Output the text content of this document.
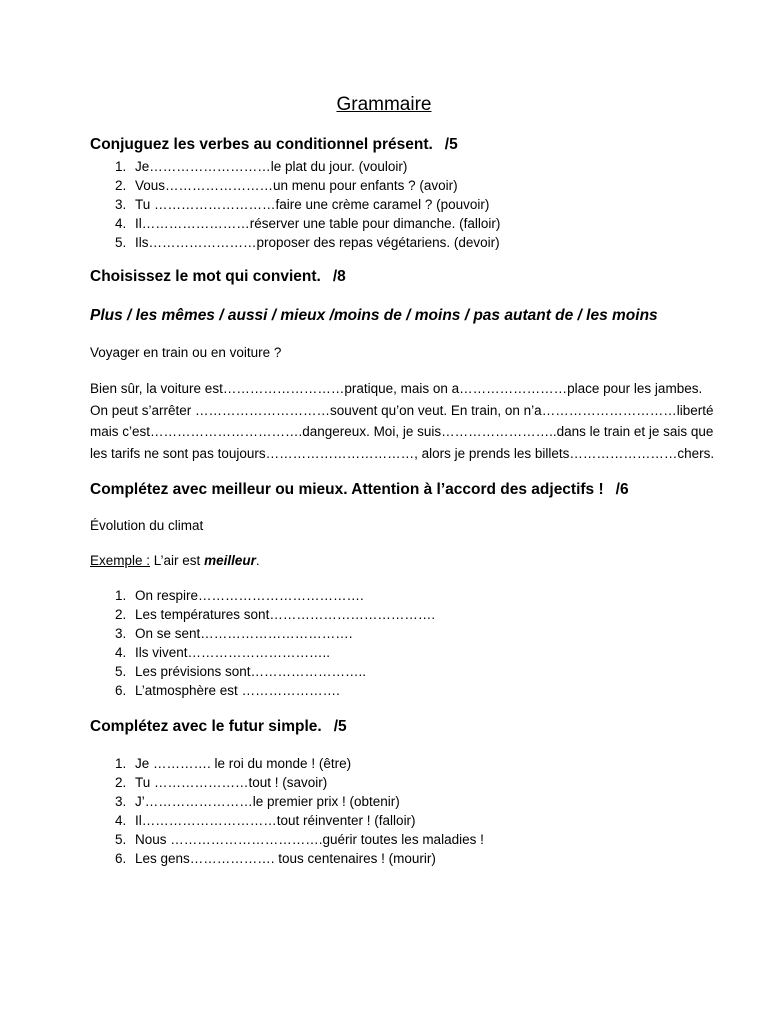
Grammaire
Conjuguez les verbes au conditionnel présent. /5
1. Je………………………le plat du jour. (vouloir)
2. Vous……………………un menu pour enfants ? (avoir)
3. Tu ………………………faire une crème caramel ? (pouvoir)
4. Il……………………réserver une table pour dimanche. (falloir)
5. Ils……………………proposer des repas végétariens. (devoir)
Choisissez le mot qui convient. /8
Plus / les mêmes / aussi / mieux /moins de / moins / pas autant de / les moins
Voyager en train ou en voiture ?
Bien sûr, la voiture est………………………pratique, mais on a……………………place pour les jambes.
On peut s’arrêter …………………………souvent qu’on veut. En train, on n’a…………………………liberté
mais c’est…………………………….dangereux. Moi, je suis……………………..dans le train et je sais que
les tarifs ne sont pas toujours……………………………, alors je prends les billets……………………chers.
Complétez avec meilleur ou mieux. Attention à l’accord des adjectifs ! /6
Évolution du climat
Exemple : L’air est meilleur.
1. On respire……………………………….
2. Les températures sont……………………………….
3. On se sent…………………………….
4. Ils vivent…………………………..
5. Les prévisions sont……………………..
6. L’atmosphère est ………………….
Complétez avec le futur simple. /5
1. Je …………. le roi du monde ! (être)
2. Tu …………………tout ! (savoir)
3. J’……………………le premier prix ! (obtenir)
4. Il…………………………tout réinventer ! (falloir)
5. Nous …………………………….guérir toutes les maladies !
6. Les gens………………. tous centenaires ! (mourir)
